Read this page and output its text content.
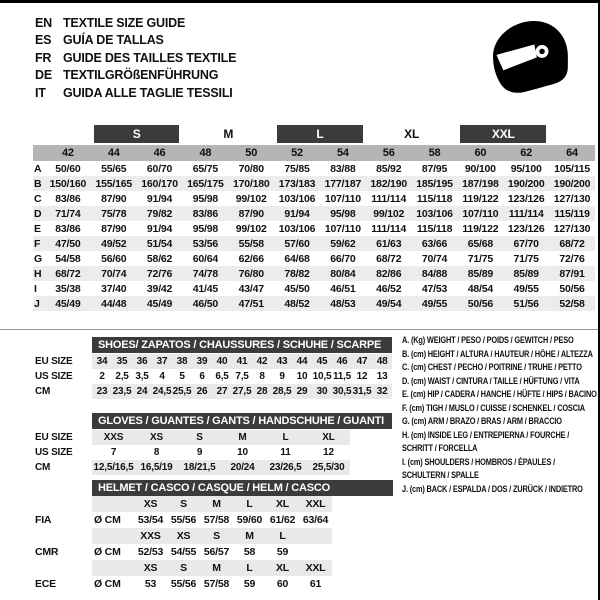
EN TEXTILE SIZE GUIDE
ES GUÍA DE TALLAS
FR GUIDE DES TAILLES TEXTILE
DE TEXTILGRÖßENFÜHRUNG
IT	GUIDA ALLE TAGLIE TESSILI

		S		M		L		XL		XXL		

	42	44	46	48	50	52	54	56	58	60	62	64
A	50/60	55/65	60/70	65/75	70/80	75/85	83/88	85/92	87/95	90/100	95/100	105/115
B	150/160	155/165	160/170	165/175	170/180	173/183	177/187	182/190	185/195	187/198	190/200	190/200
C	83/86	87/90	91/94	95/98	99/102	103/106	107/110	111/114	115/118	119/122	123/126	127/130
D	71/74	75/78	79/82	83/86	87/90	91/94	95/98	99/102	103/106	107/110	111/114	115/119
E	83/86	87/90	91/94	95/98	99/102	103/106	107/110	111/114	115/118	119/122	123/126	127/130
F	47/50	49/52	51/54	53/56	55/58	57/60	59/62	61/63	63/66	65/68	67/70	68/72
G	54/58	56/60	58/62	60/64	62/66	64/68	66/70	68/72	70/74	71/75	71/75	72/76
H	68/72	70/74	72/76	74/78	76/80	78/82	80/84	82/86	84/88	85/89	85/89	87/91
I	35/38	37/40	39/42	41/45	43/47	45/50	46/51	46/52	47/53	48/54	49/55	50/56
J	45/49	44/48	45/49	46/50	47/51	48/52	48/53	49/54	49/55	50/56	51/56	52/58

	SHOES/ ZAPATOS / CHAUSSURES / SCHUHE / SCARPE														

EU SIZE	34	35	36	37	38	39	40	41	42	43	44	45	46	47	48
US SIZE	2	2,5	3,5	4	5	6	6,5	7,5	8	9	10	10,5	11,5	12	13
CM	23	23,5	24	24,5	25,5	26	27	27,5	28	28,5	29	30	30,5	31,5	32

	GLOVES / GUANTES / GANTS / HANDSCHUHE / GUANTI						

EU SIZE	XXS	XS	S	M	L	XL	
US SIZE	7	8	9	10	11	12	
CM	12,5/16,5	16,5/19	18/21,5	20/24	23/26,5	25,5/30	

	HELMET / CASCO / CASQUE / HELM / CASCO							

		XS	S	M	L	XL	XXL	
FIA	Ø CM	53/54	55/56	57/58	59/60	61/62	63/64	
		XXS	XS	S	M	L		
CMR	Ø CM	52/53	54/55	56/57	58	59		
		XS	S	M	L	XL	XXL	
ECE	Ø CM	53	55/56	57/58	59	60	61	
A. (Kg) WEIGHT / PESO / POIDS / GEWITCH / PESO
B. (cm) HEIGHT / ALTURA / HAUTEUR / HÖHE / ALTEZZA
C. (cm) CHEST / PECHO / POITRINE / TRUHE / PETTO
D. (cm) WAIST / CINTURA / TAILLE / HÜFTUNG / VITA
E. (cm) HIP / CADERA / HANCHE / HÜFTE / HIPS / BACINO
F. (cm) TIGH / MUSLO / CUISSE / SCHENKEL / COSCIA
G. (cm) ARM / BRAZO / BRAS / ARM / BRACCIO
H. (cm) INSIDE LEG / ENTREPIERNA / FOURCHE /
SCHRITT / FORCELLA
I. (cm) SHOULDERS / HOMBROS / ÉPAULES /
SCHULTERN / SPALLE
J. (cm) BACK / ESPALDA / DOS / ZURÜCK / INDIETRO
